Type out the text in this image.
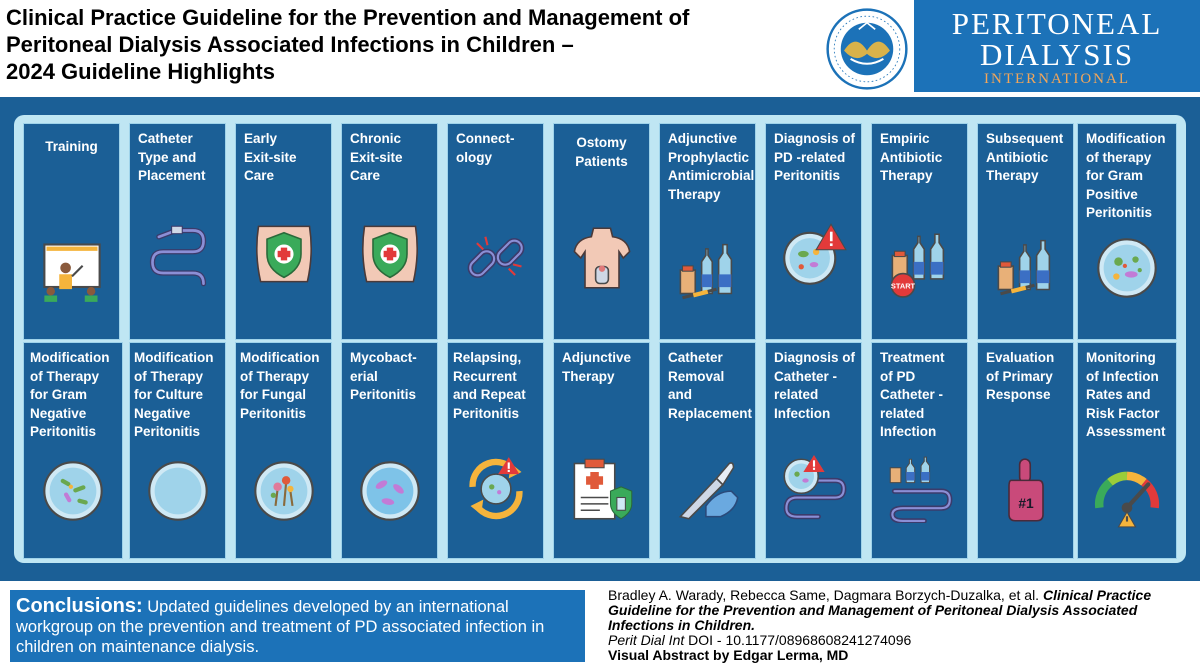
Clinical Practice Guideline for the Prevention and Management of
Peritoneal Dialysis Associated Infections in Children –
2024 Guideline Highlights
PERITONEAL
DIALYSIS
INTERNATIONAL
Training
Catheter Type and Placement
Early Exit-site Care
Chronic Exit-site Care
Connect-ology
Ostomy Patients
Adjunctive Prophylactic Antimicrobial Therapy
Diagnosis of PD -related Peritonitis
Empiric Antibiotic Therapy
START
Subsequent Antibiotic Therapy
Modification of therapy for Gram Positive Peritonitis
Modification of Therapy for Gram Negative Peritonitis
Modification of Therapy for Culture Negative Peritonitis
Modification of Therapy for Fungal Peritonitis
Mycobact-erial Peritonitis
Relapsing, Recurrent and Repeat Peritonitis
Adjunctive Therapy
Catheter Removal and Replacement
Diagnosis of Catheter -related Infection
Treatment of PD Catheter -related Infection
Evaluation of Primary Response
#1
Monitoring of Infection Rates and Risk Factor Assessment
Conclusions: Updated guidelines developed by an international workgroup on the prevention and treatment of PD associated infection in children on maintenance dialysis.
Bradley A. Warady, Rebecca Same, Dagmara Borzych-Duzalka, et al. Clinical Practice Guideline for the Prevention and Management of Peritoneal Dialysis Associated Infections in Children.
Perit Dial Int DOI - 10.1177/08968608241274096
Visual Abstract by Edgar Lerma, MD
